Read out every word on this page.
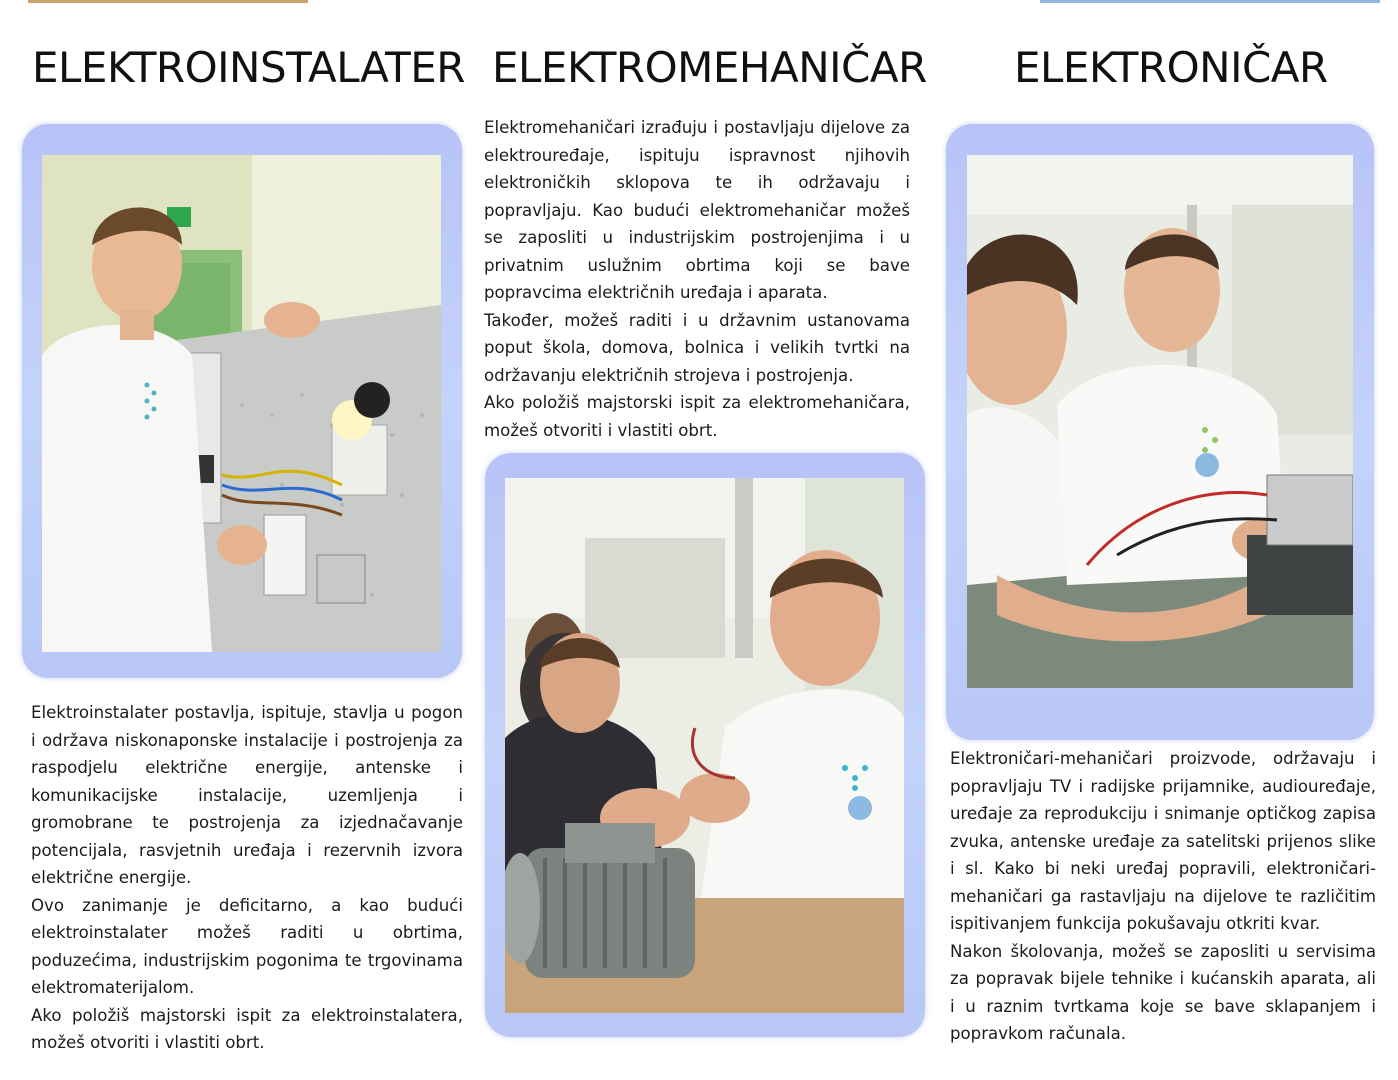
ELEKTROINSTALATER

Elektroinstalater postavlja, ispituje, stavlja u pogon i održava niskonaponske instalacije i postrojenja za raspodjelu električne energije, antenske i komunikacijske instalacije, uzemljenja i gromobrane te postrojenja za izjednačavanje potencijala, rasvjetnih uređaja i rezervnih izvora električne energije.

Ovo zanimanje je deficitarno, a kao budući elektroinstalater možeš raditi u obrtima, poduzećima, industrijskim pogonima te trgovinama elektromaterijalom.

Ako položiš majstorski ispit za elektroinstalatera, možeš otvoriti i vlastiti obrt.

ELEKTROMEHANIČAR

Elektromehaničari izrađuju i postavljaju dijelove za elektrouređaje, ispituju ispravnost njihovih elektroničkih sklopova te ih održavaju i popravljaju. Kao budući elektromehaničar možeš se zaposliti u industrijskim postrojenjima i u privatnim uslužnim obrtima koji se bave popravcima električnih uređaja i aparata.

Također, možeš raditi i u državnim ustanovama poput škola, domova, bolnica i velikih tvrtki na održavanju električnih strojeva i postrojenja.

Ako položiš majstorski ispit za elektromehaničara, možeš otvoriti i vlastiti obrt.

ELEKTRONIČAR

Elektroničari-mehaničari proizvode, održavaju i popravljaju TV i radijske prijamnike, audiouređaje, uređaje za reprodukciju i snimanje optičkog zapisa zvuka, antenske uređaje za satelitski prijenos slike i sl. Kako bi neki uređaj popravili, elektroničari-mehaničari ga rastavljaju na dijelove te različitim ispitivanjem funkcija pokušavaju otkriti kvar.

Nakon školovanja, možeš se zaposliti u servisima za popravak bijele tehnike i kućanskih aparata, ali i u raznim tvrtkama koje se bave sklapanjem i popravkom računala.
